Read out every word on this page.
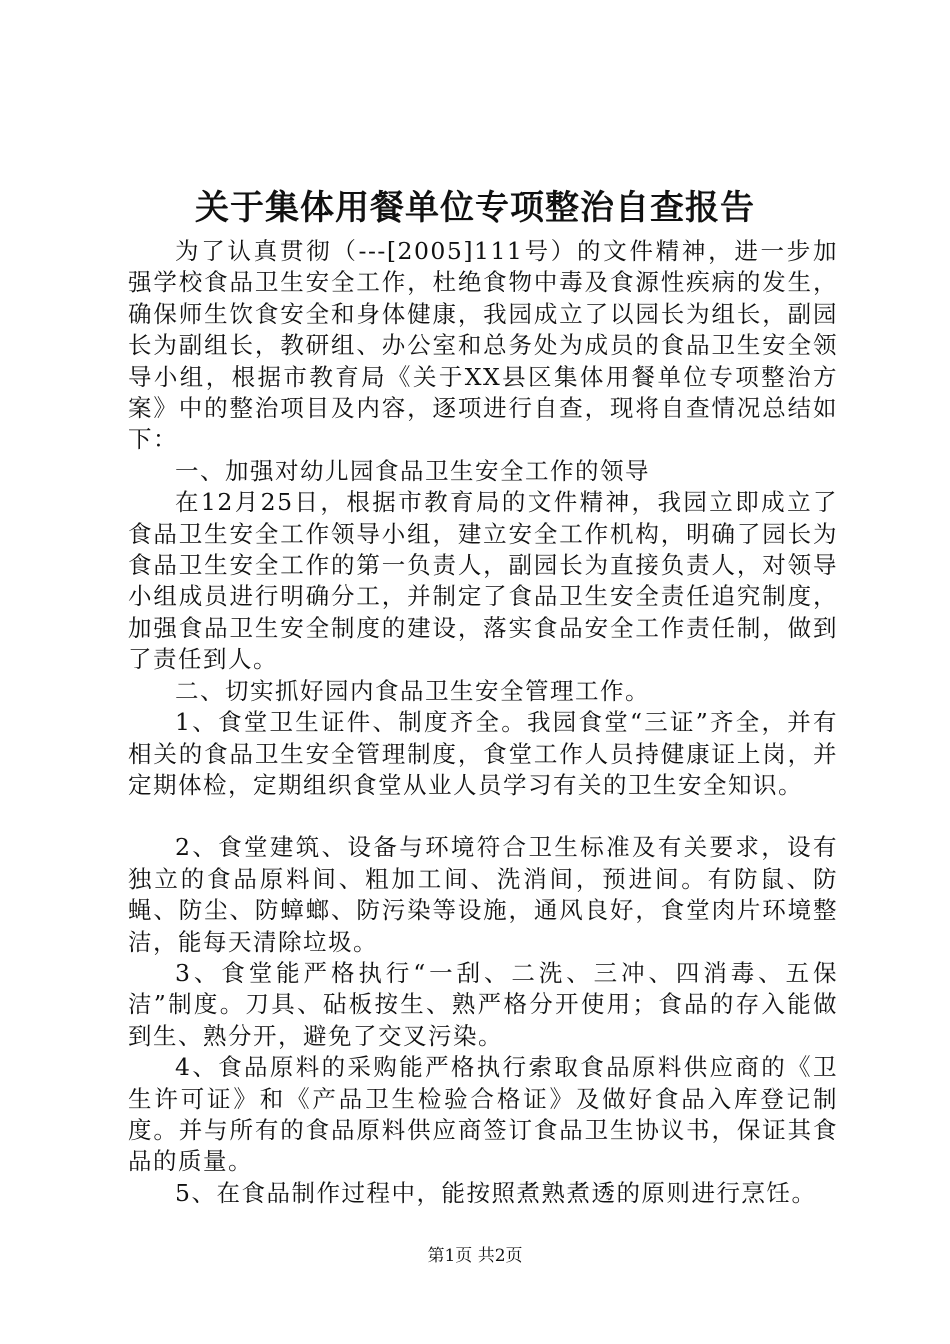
关于集体用餐单位专项整治自查报告

为了认真贯彻（---[2005]111号）的文件精神，进一步加强学校食品卫生安全工作，杜绝食物中毒及食源性疾病的发生，确保师生饮食安全和身体健康，我园成立了以园长为组长，副园长为副组长，教研组、办公室和总务处为成员的食品卫生安全领导小组，根据市教育局《关于XX县区集体用餐单位专项整治方案》中的整治项目及内容，逐项进行自查，现将自查情况总结如下：

一、加强对幼儿园食品卫生安全工作的领导

在12月25日，根据市教育局的文件精神，我园立即成立了食品卫生安全工作领导小组，建立安全工作机构，明确了园长为食品卫生安全工作的第一负责人，副园长为直接负责人，对领导小组成员进行明确分工，并制定了食品卫生安全责任追究制度，加强食品卫生安全制度的建设，落实食品安全工作责任制，做到了责任到人。

二、切实抓好园内食品卫生安全管理工作。

1、食堂卫生证件、制度齐全。我园食堂“三证”齐全，并有相关的食品卫生安全管理制度，食堂工作人员持健康证上岗，并定期体检，定期组织食堂从业人员学习有关的卫生安全知识。

2、食堂建筑、设备与环境符合卫生标准及有关要求，设有独立的食品原料间、粗加工间、洗消间，预进间。有防鼠、防蝇、防尘、防蟑螂、防污染等设施，通风良好，食堂肉片环境整洁，能每天清除垃圾。

3、食堂能严格执行“一刮、二洗、三冲、四消毒、五保洁”制度。刀具、砧板按生、熟严格分开使用；食品的存入能做到生、熟分开，避免了交叉污染。

4、食品原料的采购能严格执行索取食品原料供应商的《卫生许可证》和《产品卫生检验合格证》及做好食品入库登记制度。并与所有的食品原料供应商签订食品卫生协议书，保证其食品的质量。

5、在食品制作过程中，能按照煮熟煮透的原则进行烹饪。

第1页 共2页
